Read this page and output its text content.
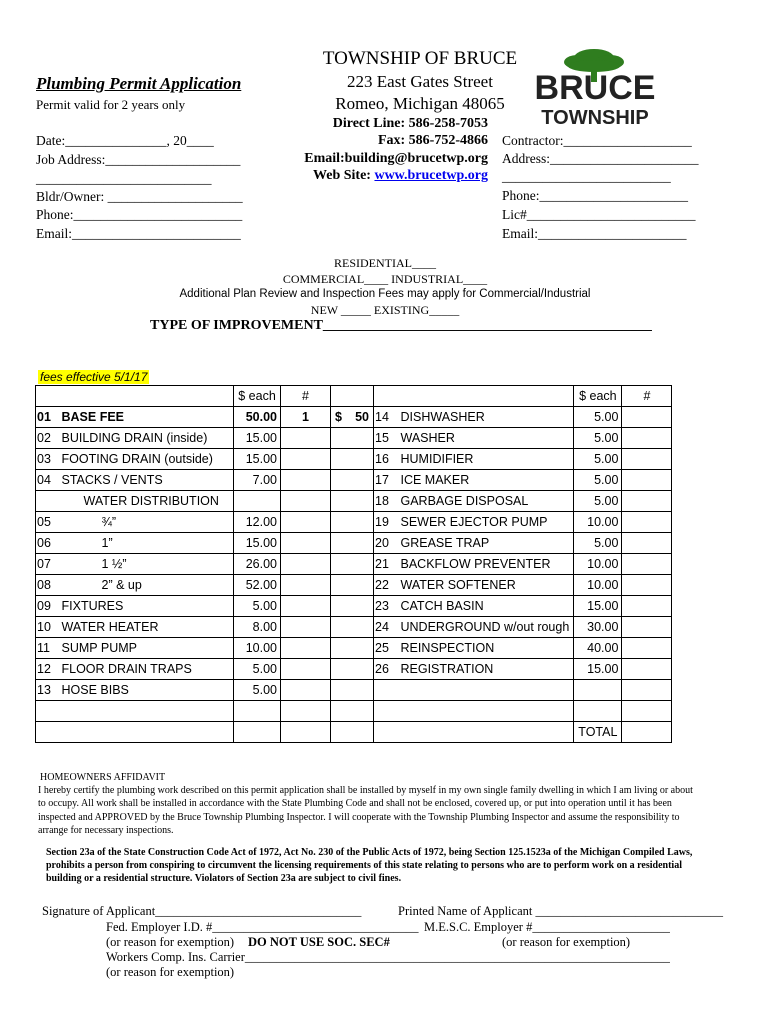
Plumbing Permit Application
Permit valid for 2 years only
Date:_______________, 20____
Job Address:____________________
__________________________
Bldr/Owner: ____________________
Phone:_________________________
Email:_________________________
TOWNSHIP OF BRUCE
223 East Gates Street
Romeo, Michigan 48065
Direct Line: 586-258-7053
Fax: 586-752-4866
Email:building@brucetwp.org
Web Site: www.brucetwp.org
BRUCE
TOWNSHIP
Contractor:___________________
Address:______________________
_________________________
Phone:______________________
Lic#_________________________
Email:______________________
RESIDENTIAL____
COMMERCIAL____ INDUSTRIAL____
Additional Plan Review and Inspection Fees may apply for Commercial/Industrial
NEW _____ EXISTING_____
TYPE OF IMPROVEMENT_______________________________________________
fees effective 5/1/17
		$ each	#				$ each	#
01	BASE FEE	50.00	1	$ 50	14	DISHWASHER	5.00	
02	BUILDING DRAIN (inside)	15.00			15	WASHER	5.00	
03	FOOTING DRAIN (outside)	15.00			16	HUMIDIFIER	5.00	
04	STACKS / VENTS	7.00			17	ICE MAKER	5.00	
	WATER DISTRIBUTION				18	GARBAGE DISPOSAL	5.00	
05	¾”	12.00			19	SEWER EJECTOR PUMP	10.00	
06	1”	15.00			20	GREASE TRAP	5.00	
07	1 ½”	26.00			21	BACKFLOW PREVENTER	10.00	
08	2” & up	52.00			22	WATER SOFTENER	10.00	
09	FIXTURES	5.00			23	CATCH BASIN	15.00	
10	WATER HEATER	8.00			24	UNDERGROUND w/out rough	30.00	
11	SUMP PUMP	10.00			25	REINSPECTION	40.00	
12	FLOOR DRAIN TRAPS	5.00			26	REGISTRATION	15.00	
13	HOSE BIBS	5.00						

							TOTAL	
HOMEOWNERS AFFIDAVIT
I hereby certify the plumbing work described on this permit application shall be installed by myself in my own single family dwelling in which I am living or about to occupy. All work shall be installed in accordance with the State Plumbing Code and shall not be enclosed, covered up, or put into operation until it has been inspected and APPROVED by the Bruce Township Plumbing Inspector. I will cooperate with the Township Plumbing Inspector and assume the responsibility to arrange for necessary inspections.
Section 23a of the State Construction Code Act of 1972, Act No. 230 of the Public Acts of 1972, being Section 125.1523a of the Michigan Compiled Laws, prohibits a person from conspiring to circumvent the licensing requirements of this state relating to persons who are to perform work on a residential building or a residential structure. Violators of Section 23a are subject to civil fines.
Signature of Applicant_________________________________	Printed Name of Applicant ______________________________
Fed. Employer I.D. #_________________________________ M.E.S.C. Employer #______________________
(or reason for exemption) DO NOT USE SOC. SEC#	(or reason for exemption)
Workers Comp. Ins. Carrier____________________________________________________________________
(or reason for exemption)
